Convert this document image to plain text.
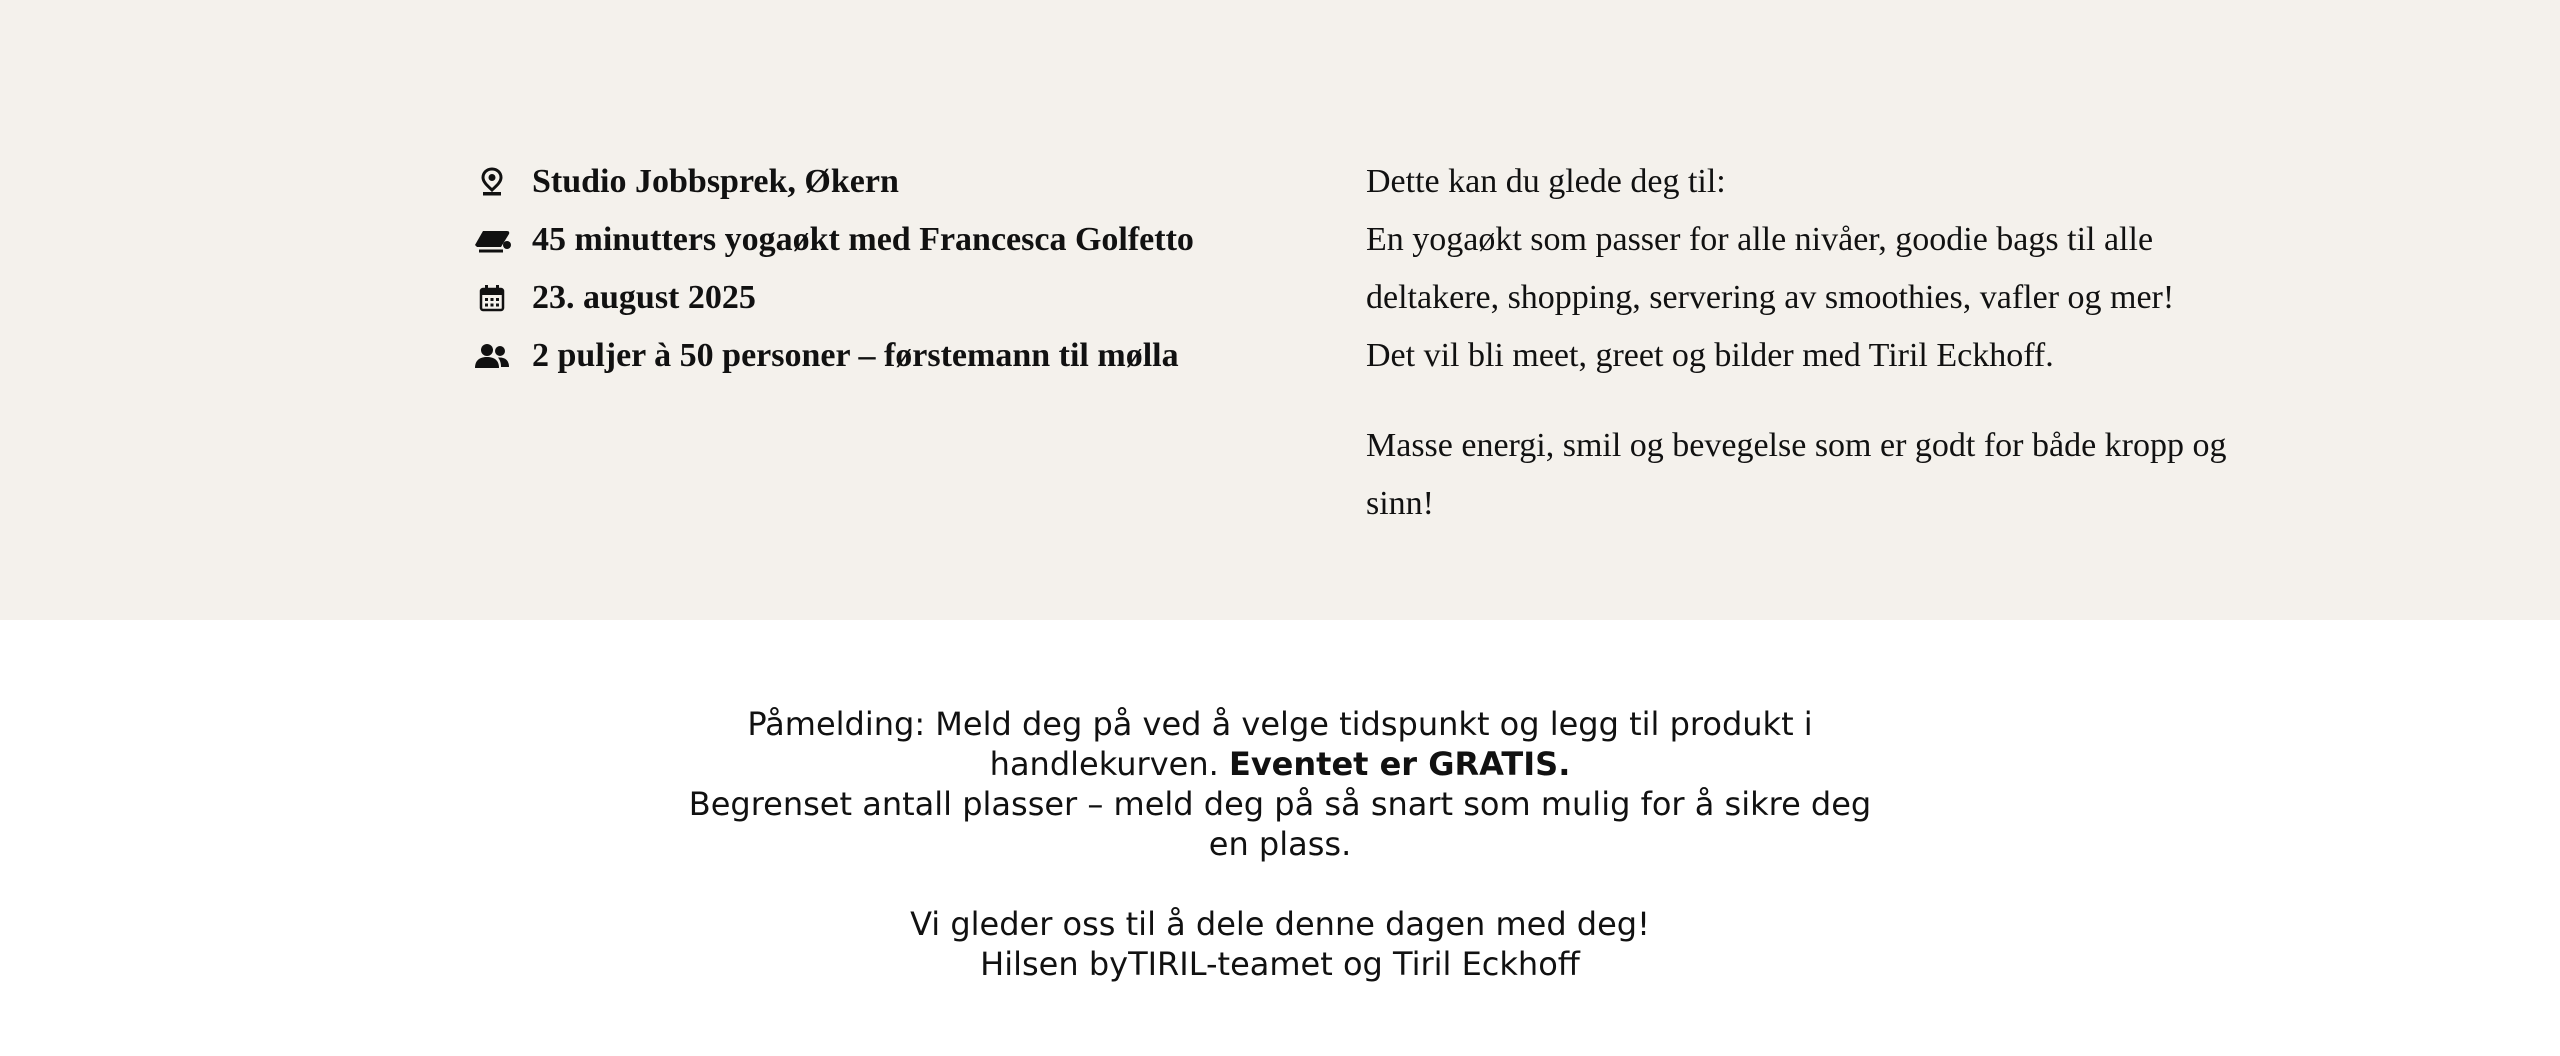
Studio Jobbsprek, Økern
45 minutters yogaøkt med Francesca Golfetto
23. august 2025
2 puljer à 50 personer – førstemann til mølla

Dette kan du glede deg til:

En yogaøkt som passer for alle nivåer, goodie bags til alle deltakere, shopping, servering av smoothies, vafler og mer!

Det vil bli meet, greet og bilder med Tiril Eckhoff.

Masse energi, smil og bevegelse som er godt for både kropp og sinn!

Påmelding: Meld deg på ved å velge tidspunkt og legg til produkt i handlekurven. Eventet er GRATIS.

Begrenset antall plasser – meld deg på så snart som mulig for å sikre deg en plass.

Vi gleder oss til å dele denne dagen med deg!

Hilsen byTIRIL-teamet og Tiril Eckhoff
